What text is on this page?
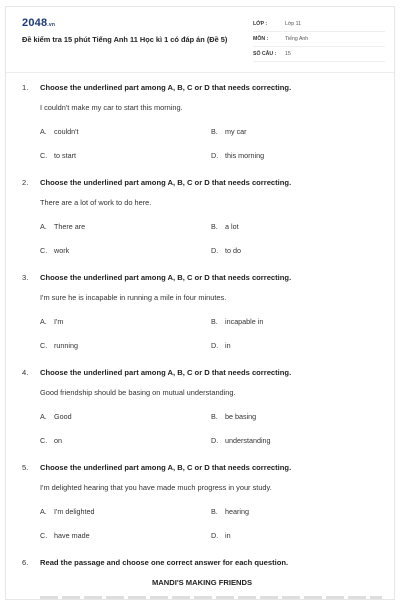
2048.vn
Đề kiểm tra 15 phút Tiếng Anh 11 Học kì 1 có đáp án (Đề 5)
LỚP :	Lớp 11
MÔN :	Tiếng Anh
SỐ CÂU :	15
1.	Choose the underlined part among A, B, C or D that needs correcting.
I couldn't make my car to start this morning.
A.	couldn't	B.	my car
C. to start	D. this morning
2.	Choose the underlined part among A, B, C or D that needs correcting.
There are a lot of work to do here.
A.	There are	B.	a lot
C. work	D. to do
3.	Choose the underlined part among A, B, C or D that needs correcting.
I'm sure he is incapable in running a mile in four minutes.
A.	I'm	B.	incapable in
C. running	D. in
4.	Choose the underlined part among A, B, C or D that needs correcting.
Good friendship should be basing on mutual understanding.
A.	Good	B.	be basing
C. on	D. understanding
5.	Choose the underlined part among A, B, C or D that needs correcting.
I'm delighted hearing that you have made much progress in your study.
A.	I'm delighted	B.	hearing
C. have made	D. in
6.	Read the passage and choose one correct answer for each question.
MANDI'S MAKING FRIENDS
